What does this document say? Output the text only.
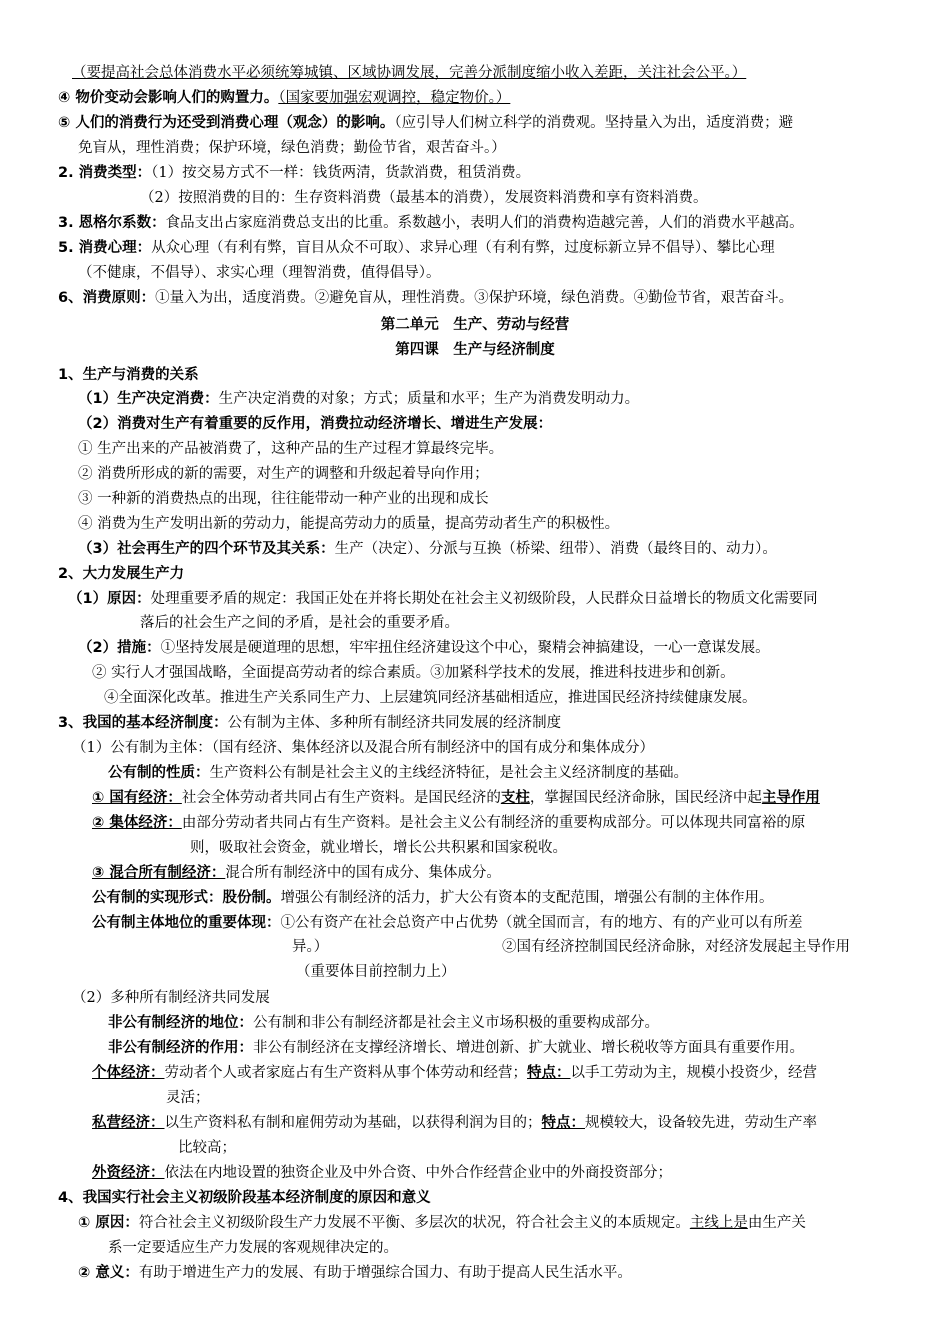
（要提高社会总体消费水平必须统筹城镇、区域协调发展，完善分派制度缩小收入差距，关注社会公平。）
④ 物价变动会影响人们的购置力。（国家要加强宏观调控，稳定物价。）
⑤ 人们的消费行为还受到消费心理（观念）的影响。（应引导人们树立科学的消费观。坚持量入为出，适度消费；避
免盲从，理性消费；保护环境，绿色消费；勤俭节省，艰苦奋斗。）
2. 消费类型：（1）按交易方式不一样：钱货两清，货款消费，租赁消费。
（2）按照消费的目的：生存资料消费（最基本的消费），发展资料消费和享有资料消费。
3. 恩格尔系数：食品支出占家庭消费总支出的比重。系数越小，表明人们的消费构造越完善，人们的消费水平越高。
5. 消费心理：从众心理（有利有弊，盲目从众不可取）、求异心理（有利有弊，过度标新立异不倡导）、攀比心理
（不健康，不倡导）、求实心理（理智消费，值得倡导）。
6、消费原则：①量入为出，适度消费。②避免盲从，理性消费。③保护环境，绿色消费。④勤俭节省，艰苦奋斗。
第二单元　生产、劳动与经营
第四课　生产与经济制度
1、生产与消费的关系
（1）生产决定消费：生产决定消费的对象；方式；质量和水平；生产为消费发明动力。
（2）消费对生产有着重要的反作用，消费拉动经济增长、增进生产发展：
① 生产出来的产品被消费了，这种产品的生产过程才算最终完毕。
② 消费所形成的新的需要，对生产的调整和升级起着导向作用；
③ 一种新的消费热点的出现，往往能带动一种产业的出现和成长
④ 消费为生产发明出新的劳动力，能提高劳动力的质量，提高劳动者生产的积极性。
（3）社会再生产的四个环节及其关系：生产（决定）、分派与互换（桥梁、纽带）、消费（最终目的、动力）。
2、大力发展生产力
（1）原因：处理重要矛盾的规定：我国正处在并将长期处在社会主义初级阶段，人民群众日益增长的物质文化需要同
落后的社会生产之间的矛盾，是社会的重要矛盾。
（2）措施：①坚持发展是硬道理的思想，牢牢扭住经济建设这个中心，聚精会神搞建设，一心一意谋发展。
② 实行人才强国战略，全面提高劳动者的综合素质。③加紧科学技术的发展，推进科技进步和创新。
④全面深化改革。推进生产关系同生产力、上层建筑同经济基础相适应，推进国民经济持续健康发展。
3、我国的基本经济制度：公有制为主体、多种所有制经济共同发展的经济制度
（1）公有制为主体：（国有经济、集体经济以及混合所有制经济中的国有成分和集体成分）
公有制的性质：生产资料公有制是社会主义的主线经济特征，是社会主义经济制度的基础。
① 国有经济：社会全体劳动者共同占有生产资料。是国民经济的支柱，掌握国民经济命脉，国民经济中起主导作用
② 集体经济：由部分劳动者共同占有生产资料。是社会主义公有制经济的重要构成部分。可以体现共同富裕的原
则，吸取社会资金，就业增长，增长公共积累和国家税收。
③ 混合所有制经济：混合所有制经济中的国有成分、集体成分。
公有制的实现形式：股份制。增强公有制经济的活力，扩大公有资本的支配范围，增强公有制的主体作用。
公有制主体地位的重要体现：①公有资产在社会总资产中占优势（就全国而言，有的地方、有的产业可以有所差
异。）	②国有经济控制国民经济命脉，对经济发展起主导作用
（重要体目前控制力上）
（2）多种所有制经济共同发展
非公有制经济的地位：公有制和非公有制经济都是社会主义市场积极的重要构成部分。
非公有制经济的作用：非公有制经济在支撑经济增长、增进创新、扩大就业、增长税收等方面具有重要作用。
个体经济：劳动者个人或者家庭占有生产资料从事个体劳动和经营；特点：以手工劳动为主，规模小投资少，经营
灵活；
私营经济：以生产资料私有制和雇佣劳动为基础，以获得利润为目的；特点：规模较大，设备较先进，劳动生产率
比较高；
外资经济：依法在内地设置的独资企业及中外合资、中外合作经营企业中的外商投资部分；
4、我国实行社会主义初级阶段基本经济制度的原因和意义
① 原因：符合社会主义初级阶段生产力发展不平衡、多层次的状况，符合社会主义的本质规定。主线上是由生产关
系一定要适应生产力发展的客观规律决定的。
② 意义：有助于增进生产力的发展、有助于增强综合国力、有助于提高人民生活水平。
